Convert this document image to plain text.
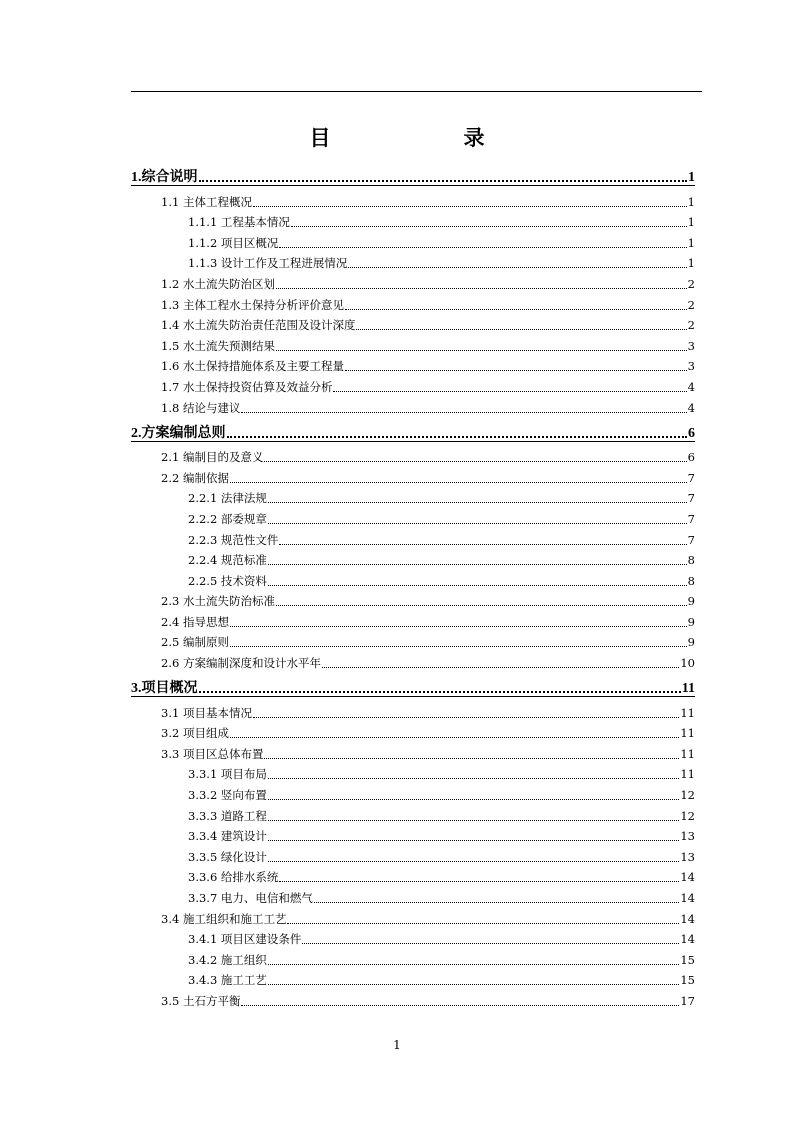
目　录
1.综合说明	1
1.1 主体工程概况	1
1.1.1 工程基本情况	1
1.1.2 项目区概况	1
1.1.3 设计工作及工程进展情况	1
1.2 水土流失防治区划	2
1.3 主体工程水土保持分析评价意见	2
1.4 水土流失防治责任范围及设计深度	2
1.5 水土流失预测结果	3
1.6 水土保持措施体系及主要工程量	3
1.7 水土保持投资估算及效益分析	4
1.8 结论与建议	4
2.方案编制总则	6
2.1 编制目的及意义	6
2.2 编制依据	7
2.2.1 法律法规	7
2.2.2 部委规章	7
2.2.3 规范性文件	7
2.2.4 规范标准	8
2.2.5 技术资料	8
2.3 水土流失防治标准	9
2.4 指导思想	9
2.5 编制原则	9
2.6 方案编制深度和设计水平年	10
3.项目概况	11
3.1 项目基本情况	11
3.2 项目组成	11
3.3 项目区总体布置	11
3.3.1 项目布局	11
3.3.2 竖向布置	12
3.3.3 道路工程	12
3.3.4 建筑设计	13
3.3.5 绿化设计	13
3.3.6 给排水系统	14
3.3.7 电力、电信和燃气	14
3.4 施工组织和施工工艺	14
3.4.1 项目区建设条件	14
3.4.2 施工组织	15
3.4.3 施工工艺	15
3.5 土石方平衡	17
1
